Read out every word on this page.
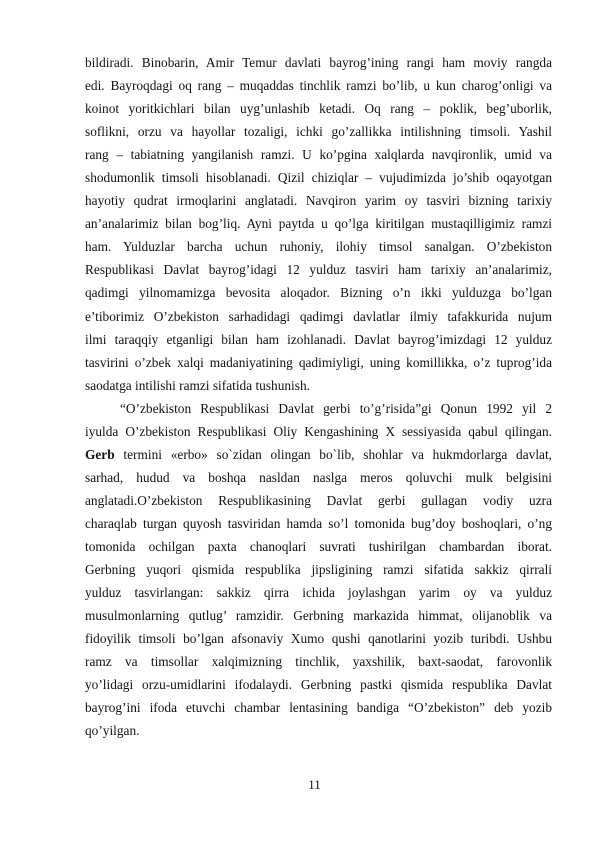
bildiradi. Binobarin, Amir Temur davlati bayrog’ining rangi ham moviy rangda
edi. Bayroqdagi oq rang – muqaddas tinchlik ramzi bo’lib, u kun charog’onligi va
koinot yoritkichlari bilan uyg’unlashib ketadi. Oq rang – poklik, beg’uborlik,
soflikni, orzu va hayollar tozaligi, ichki go’zallikka intilishning timsoli. Yashil
rang – tabiatning yangilanish ramzi. U ko’pgina xalqlarda navqironlik, umid va
shodumonlik timsoli hisoblanadi. Qizil chiziqlar – vujudimizda jo’shib oqayotgan
hayotiy qudrat irmoqlarini anglatadi. Navqiron yarim oy tasviri bizning tarixiy
an’analarimiz bilan bog’liq. Ayni paytda u qo’lga kiritilgan mustaqilligimiz ramzi
ham. Yulduzlar barcha uchun ruhoniy, ilohiy timsol sanalgan. O’zbekiston
Respublikasi Davlat bayrog’idagi 12 yulduz tasviri ham tarixiy an’analarimiz,
qadimgi yilnomamizga bevosita aloqador. Bizning o’n ikki yulduzga bo’lgan
e’tiborimiz O’zbekiston sarhadidagi qadimgi davlatlar ilmiy tafakkurida nujum
ilmi taraqqiy etganligi bilan ham izohlanadi. Davlat bayrog’imizdagi 12 yulduz
tasvirini o’zbek xalqi madaniyatining qadimiyligi, uning komillikka, o’z tuprog’ida
saodatga intilishi ramzi sifatida tushunish.
“O’zbekiston Respublikasi Davlat gerbi to’g’risida”gi Qonun 1992 yil 2
iyulda O’zbekiston Respublikasi Oliy Kengashining X sessiyasida qabul qilingan.
Gerb termini «erbo» so`zidan olingan bo`lib, shohlar va hukmdorlarga davlat,
sarhad, hudud va boshqa nasldan naslga meros qoluvchi mulk belgisini
anglatadi.O’zbekiston Respublikasining Davlat gerbi gullagan vodiy uzra
charaqlab turgan quyosh tasviridan hamda so’l tomonida bug’doy boshoqlari, o’ng
tomonida ochilgan paxta chanoqlari suvrati tushirilgan chambardan iborat.
Gerbning yuqori qismida respublika jipsligining ramzi sifatida sakkiz qirrali
yulduz tasvirlangan: sakkiz qirra ichida joylashgan yarim oy va yulduz
musulmonlarning qutlug’ ramzidir. Gerbning markazida himmat, olijanoblik va
fidoyilik timsoli bo’lgan afsonaviy Xumo qushi qanotlarini yozib turibdi. Ushbu
ramz va timsollar xalqimizning tinchlik, yaxshilik, baxt-saodat, farovonlik
yo’lidagi orzu-umidlarini ifodalaydi. Gerbning pastki qismida respublika Davlat
bayrog’ini ifoda etuvchi chambar lentasining bandiga “O’zbekiston” deb yozib
qo’yilgan.
11
